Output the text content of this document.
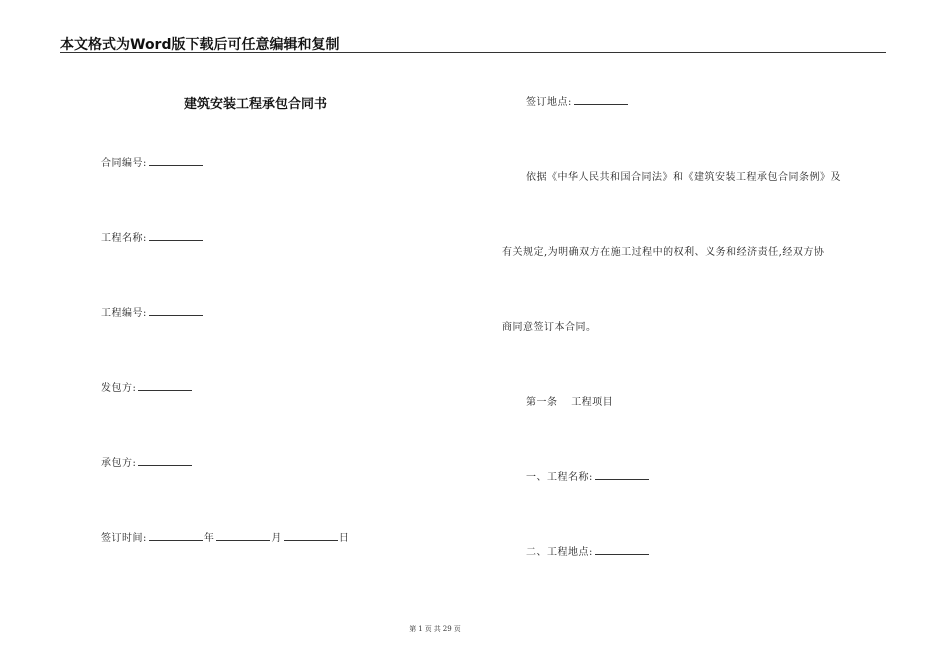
本文格式为Word版下载后可任意编辑和复制
建筑安装工程承包合同书
合同编号:
工程名称:
工程编号:
发包方:
承包方:
签订时间:	年	月	日
签订地点:
依据《中华人民共和国合同法》和《建筑安装工程承包合同条例》及
有关规定,为明确双方在施工过程中的权利、义务和经济责任,经双方协
商同意签订本合同。
第一条 工程项目
一、工程名称:
二、工程地点:
第 1 页 共 29 页
